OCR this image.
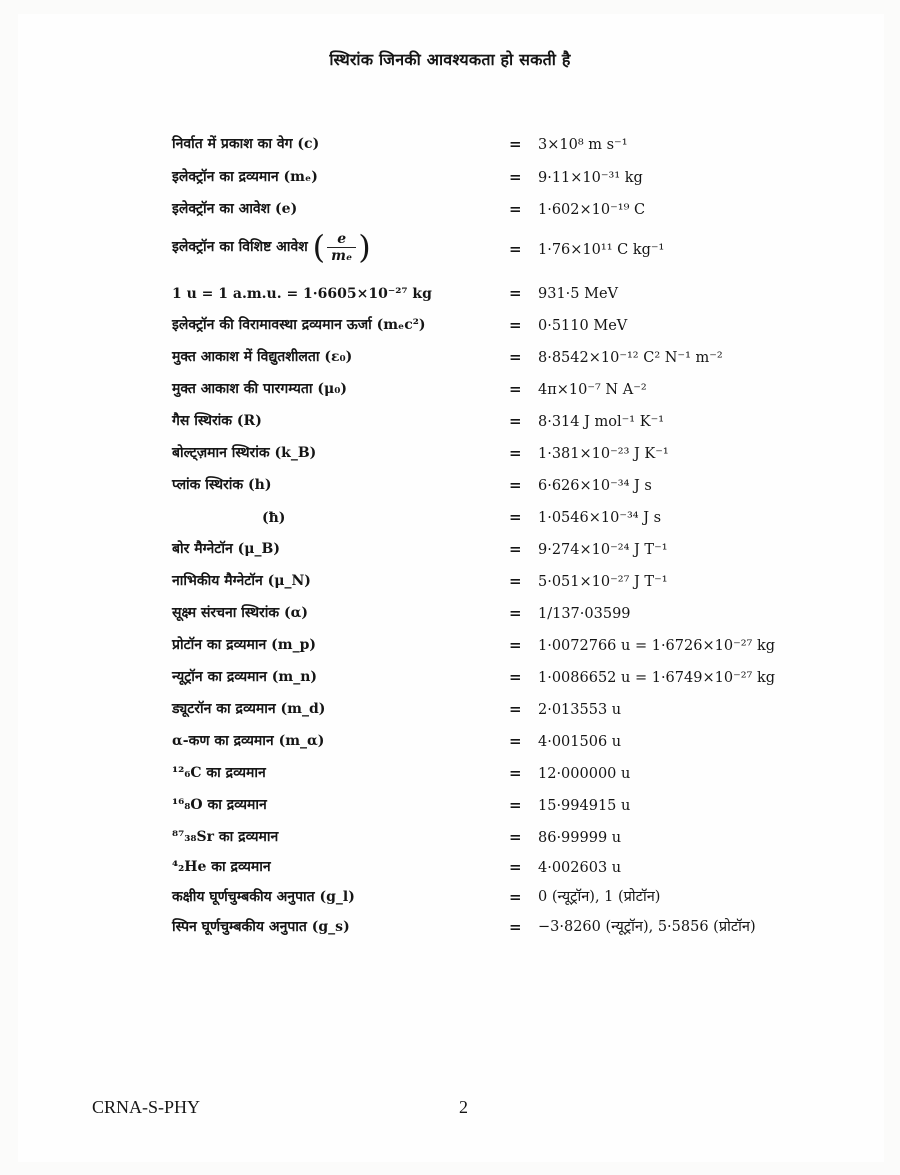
स्थिरांक जिनकी आवश्यकता हो सकती है
निर्वात में प्रकाश का वेग (c)	= 3×10⁸ m s⁻¹
इलेक्ट्रॉन का द्रव्यमान (mₑ)	= 9·11×10⁻³¹ kg
इलेक्ट्रॉन का आवेश (e)	= 1·602×10⁻¹⁹ C
इलेक्ट्रॉन का विशिष्ट आवेश ( $\frac{e}{\text{mₑ}}$ )	= 1·76×10¹¹ C kg⁻¹
1 u = 1 a.m.u. = 1·6605×10⁻²⁷ kg	= 931·5 MeV
इलेक्ट्रॉन की विरामावस्था द्रव्यमान ऊर्जा (mₑc²)	= 0·5110 MeV
मुक्त आकाश में विद्युतशीलता (ε₀)	= 8·8542×10⁻¹² C² N⁻¹ m⁻²
मुक्त आकाश की पारगम्यता (μ₀)	= 4π×10⁻⁷ N A⁻²
गैस स्थिरांक (R)	= 8·314 J mol⁻¹ K⁻¹
बोल्ट्ज़मान स्थिरांक (k_B)	= 1·381×10⁻²³ J K⁻¹
प्लांक स्थिरांक (h)	= 6·626×10⁻³⁴ J s
(ħ)	= 1·0546×10⁻³⁴ J s
बोर मैग्नेटॉन (μ_B)	= 9·274×10⁻²⁴ J T⁻¹
नाभिकीय मैग्नेटॉन (μ_N)	= 5·051×10⁻²⁷ J T⁻¹
सूक्ष्म संरचना स्थिरांक (α)	= 1/137·03599
प्रोटॉन का द्रव्यमान (m_p)	= 1·0072766 u = 1·6726×10⁻²⁷ kg
न्यूट्रॉन का द्रव्यमान (m_n)	= 1·0086652 u = 1·6749×10⁻²⁷ kg
ड्यूटरॉन का द्रव्यमान (m_d)	= 2·013553 u
α-कण का द्रव्यमान (m_α)	= 4·001506 u
¹²₆C का द्रव्यमान	= 12·000000 u
¹⁶₈O का द्रव्यमान	= 15·994915 u
⁸⁷₃₈Sr का द्रव्यमान	= 86·99999 u
⁴₂He का द्रव्यमान	= 4·002603 u
कक्षीय घूर्णचुम्बकीय अनुपात (g_l)	= 0 (न्यूट्रॉन), 1 (प्रोटॉन)
स्पिन घूर्णचुम्बकीय अनुपात (g_s)	= −3·8260 (न्यूट्रॉन), 5·5856 (प्रोटॉन)
CRNA-S-PHY	2
